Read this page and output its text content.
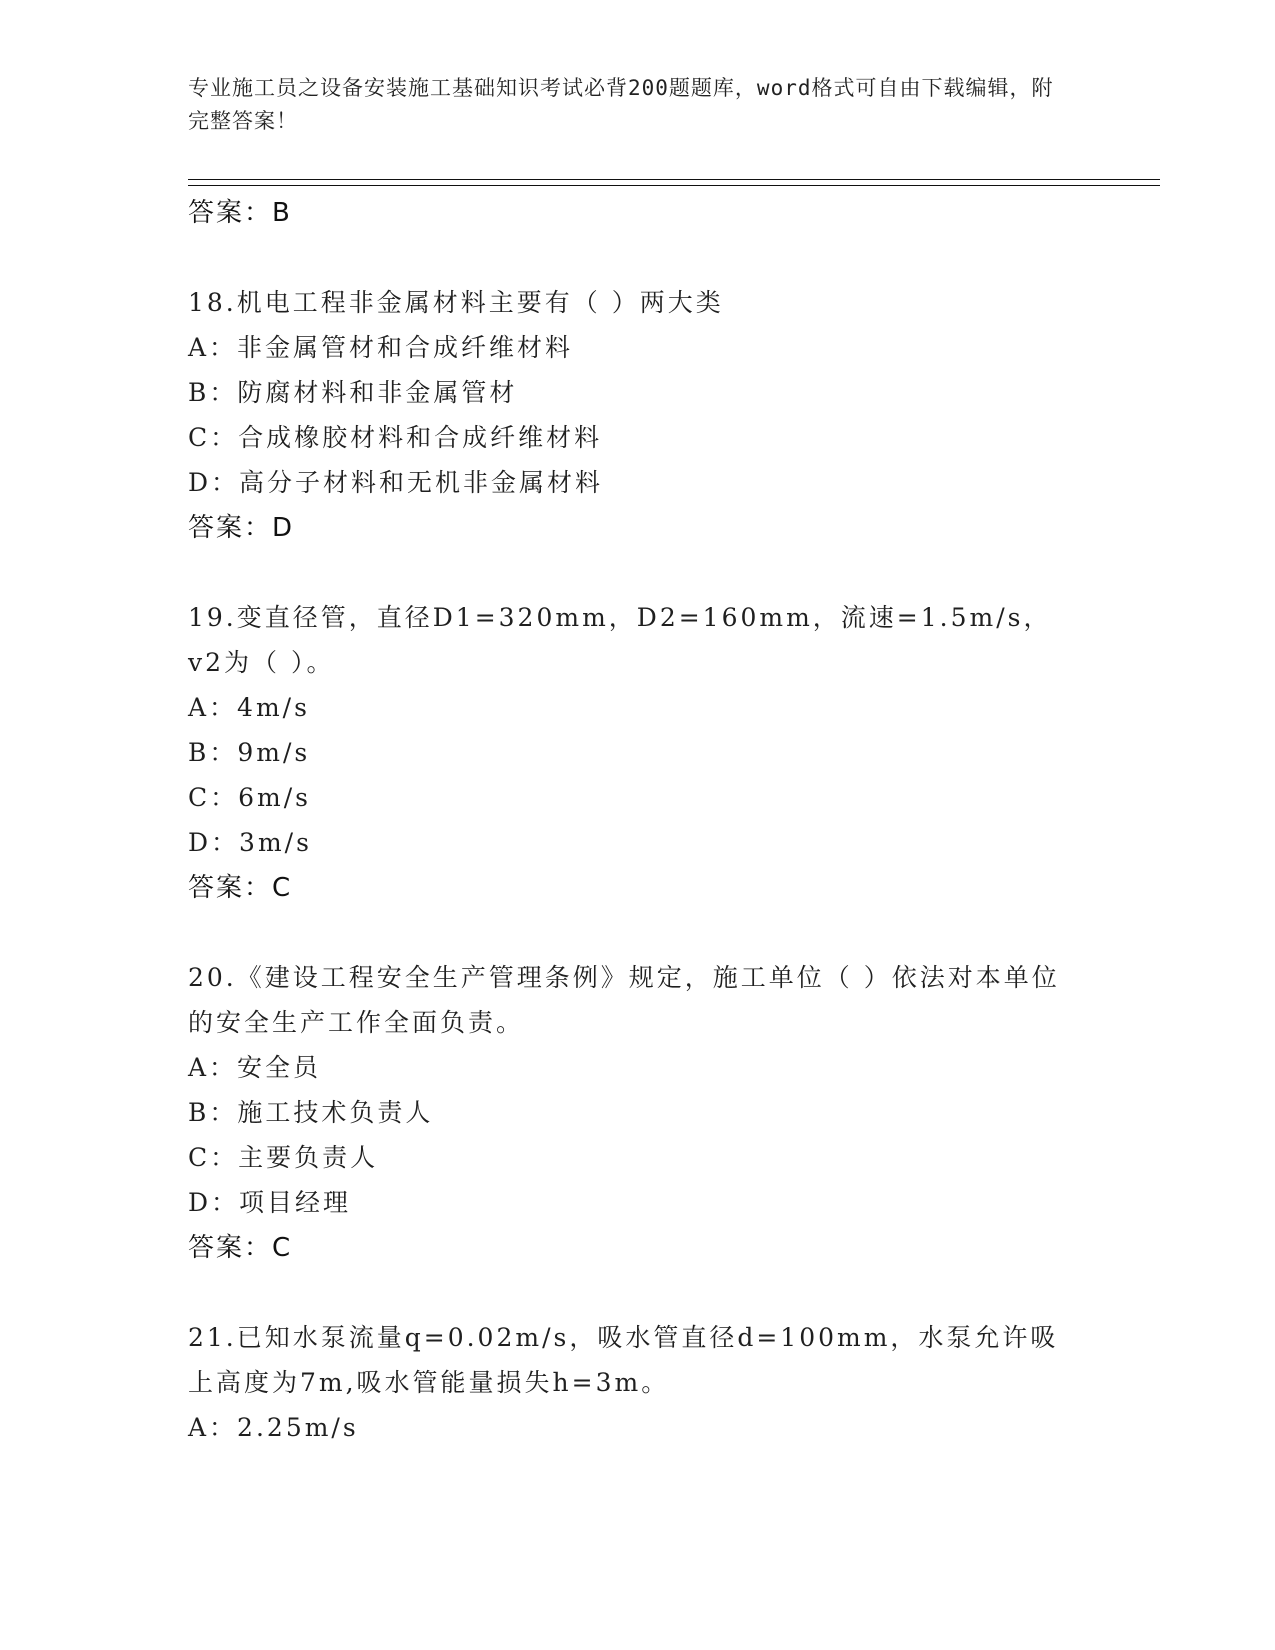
专业施工员之设备安装施工基础知识考试必背200题题库，word格式可自由下载编辑，附完整答案！
答案：B
18.机电工程非金属材料主要有（ ）两大类
A：非金属管材和合成纤维材料
B：防腐材料和非金属管材
C：合成橡胶材料和合成纤维材料
D：高分子材料和无机非金属材料
答案：D
19.变直径管，直径D1=320mm，D2=160mm，流速=1.5m/s，v2为（ ）。
A：4m/s
B：9m/s
C：6m/s
D：3m/s
答案：C
20.《建设工程安全生产管理条例》规定，施工单位（ ）依法对本单位的安全生产工作全面负责。
A：安全员
B：施工技术负责人
C：主要负责人
D：项目经理
答案：C
21.已知水泵流量q=0.02m/s，吸水管直径d=100mm，水泵允许吸上高度为7m,吸水管能量损失h=3m。
A：2.25m/s
